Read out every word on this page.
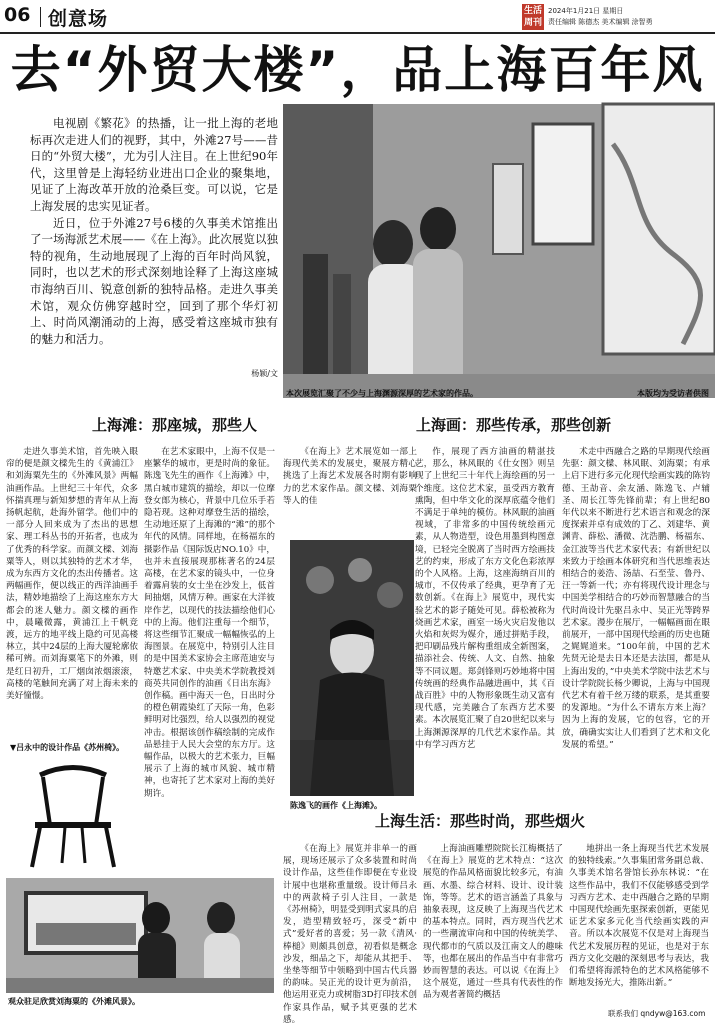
06 创意场	生活
周刊
2024年1月21日 星期日
责任编辑 陈德杰 美术编辑 涂智勇
去“外贸大楼”，品上海百年风

电视剧《繁花》的热播，让一批上海的老地标再次走进人们的视野，其中，外滩27号——昔日的“外贸大楼”，尤为引人注目。在上世纪90年代，这里曾是上海轻纺业进出口企业的聚集地，见证了上海改革开放的沧桑巨变。可以说，它是上海发展的忠实见证者。

近日，位于外滩27号6楼的久事美术馆推出了一场海派艺术展——《在上海》。此次展览以独特的视角，生动地展现了上海的百年时尚风貌，同时，也以艺术的形式深刻地诠释了上海这座城市海纳百川、锐意创新的独特品格。走进久事美术馆，观众仿佛穿越时空，回到了那个华灯初上、时尚风潮涌动的上海，感受着这座城市独有的魅力和活力。

杨颖/文
本次展览汇聚了不少与上海渊源深厚的艺术家的作品。	本版均为受访者供图
上海滩：那座城，那些人	上海画：那些传承，那些创新
上海生活：那些时尚，那些烟火

走进久事美术馆，首先映入眼帘的便是颜文樑先生的《黄浦江》和刘海粟先生的《外滩风景》两幅油画作品。上世纪三十年代，众多怀揣真理与新知梦想的青年从上海扬帆起航，赴海外留学。他们中的一部分人回来成为了杰出的思想家、理工科丛书的开拓者，也成为了优秀的科学家。而颜文樑、刘海粟等人，则以其独特的艺术才华，成为东西方文化的杰出传播者。这两幅画作，便以线正的西洋油画手法，精妙地描绘了上海这座东方大都会的迷人魅力。颜文樑的画作中，晨曦微露，黄浦江上千帆竞渡，远方的地平线上隐约可见高楼林立，其中24层的上海大厦轮廓依稀可辨。而刘海粟笔下的外滩，则是红日初升，工厂烟囱浓烟滚滚，高楼的笔触间充满了对上海未来的美好憧憬。

在艺术家眼中，上海不仅是一座繁华的城市，更是时尚的象征。陈逸飞先生的画作《上海滩》中，黑白城市建筑的描绘，却以一位摩登女郎为核心，背景中几位乐手若隐若现。这种对摩登生活的描绘，生动地还原了上海滩的“滩”的那个年代的风情。同样地，在杨福东的摄影作品《国际饭店NO.10》中，也并未直接展现那栋著名的24层高楼，在艺术家的镜头中，一位身着露肩装的女士坐在沙发上，低首间抽烟，风情万种。画家在大洋彼岸作艺，以现代的技法描绘他们心中的上海。他们注重每一个细节，将这些细节汇聚成一幅幅恢弘的上海图景。在展览中，特别引人注目的是中国美术家协会主席范迪安与特邀艺术家、中央美术学院教授刘商英共同创作的油画《日出东海》创作稿。画中海天一色，日出时分的橙色朝霞染红了天际一角，色彩鲜明对比强烈，给人以强烈的视觉冲击。根据该创作稿绘制的完成作品悬挂于人民大会堂的东方厅。这幅作品，以极大的艺术张力，巨幅展示了上海的城市风貌、城市精神，也寄托了艺术家对上海的美好期许。

《在海上》艺术展览如一部上海现代美术的发展史，聚展方精心挑选了上海艺术发展各时期有影响力的艺术家作品。颜文樑、刘海粟等人的佳

作，展现了西方油画的精湛技艺，那么，林风眠的《仕女图》则呈现了上世纪三十年代上海绘画的另一个维度。这位艺术家，虽受西方教育熏陶，但中华文化的深厚底蕴令他们不满足于单纯的模仿。林风眠的油画视域，了非常多的中国传统绘画元素，从人物造型，设色用墨到构图意境，已轻完全脱离了当时西方绘画技艺的约束，形成了东方文化色彩浓厚的个人风格。上海，这座海纳百川的城市，不仅传承了经典，更孕育了无数创新。《在海上》展览中，现代实验艺术的影子随处可见。薛松被称为烧画艺术家，画室一场火灾启发他以火焰和灰烬为媒介，通过拼贴手段，把印刷品残片解构重组成全新图案，描添社会、传统、人文、自然、抽象等不同议题。郑剑锋则巧妙地将中国传统画的经典作品融进画中，其《百战百胜》中的人物形象既生动又富有现代感，完美融合了东西方艺术要素。本次展览汇聚了自20世纪以来与上海渊源深厚的几代艺术家作品。其中有学习西方艺

术走中西融合之路的早期现代绘画先驱：颜文樑、林风眠、刘海粟；有承上启下进行多元化现代绘画实践的陈钧德、王劼音、余友涵、陈逸飞、卢辅圣、周长江等先锋前辈；有上世纪80年代以来不断进行艺术语言和观念的深度探索并卓有成效的丁乙、刘建华、黄渊青、薛松、潘微、沈浩鹏、杨福东、金江波等当代艺术家代表；有新世纪以来致力于绘画本体研究和当代思维表达相结合的姜浩、汤喆、石至莹、鲁丹、汪一等新一代；亦有将现代设计理念与中国美学相结合的巧妙而智慧融合的当代时尚设计先驱吕永中、吴正光等跨界艺术家。漫步在展厅，一幅幅画面在眼前展开，一部中国现代绘画的历史也随之娓娓道来。“100年前，中国的艺术先贤无论是去日本还是去法国，都是从上海出发的，”中央美术学院中法艺术与设计学院院长杨少卿说，上海与中国现代艺术有着千丝万缕的联系，是其重要的发源地。“为什么不请东方来上海？因为上海的发展，它的包容，它的开放，确确实实让人们看到了艺术和文化发展的希望。”

《在海上》展览并非单一的画展，现场还展示了众多装置和时尚设计作品，这些佳作即便在专业设计展中也堪称重量级。设计师吕永中的两款椅子引人注目，一款是《苏州椅》，明显受到明式家具的启发，造型精致轻巧，深受“新中式”爱好者的喜爱；另一款《清风·棒槌》则颇具创意，初看似是概念沙发，细品之下，却能从其把手、坐垫等细节中领略到中国古代兵器的韵味。吴正光的设计更为前沿，他运用亚克力或树脂3D打印技术创作家具作品，赋予其更强的艺术感。

上海油画雕塑院院长江梅概括了《在海上》展览的艺术特点：“这次展览的作品风格面貌比较多元，有油画、水墨、综合材料、设计、设计装饰，等等。艺术的语言涵盖了具象与抽象表现，这反映了上海现当代艺术的基本特点。同时，西方现当代艺术的一些潮流审向和中国的传统美学、现代都市的气质以及江南文人的趣味等，也都在展出的作品当中有非常巧妙而智慧的表达。可以说《在海上》这个展览，通过一些具有代表性的作品为观者著简约概括

地拼出一条上海现当代艺术发展的独特线索。”久事集团常务副总裁、久事美术馆名誉馆长孙东林说：“在这些作品中，我们不仅能够感受到学习西方艺术、走中西融合之路的早期中国现代绘画先驱探索创新，更能见证艺术家多元化当代绘画实践的声音。所以本次展览不仅是对上海现当代艺术发展历程的见证，也是对于东西方文化交融的深刻思考与表达，我们希望将海派特色的艺术风格能够不断地发扬光大，推陈出新。”

▼吕永中的设计作品《苏州椅》。
陈逸飞的画作《上海滩》。
观众驻足欣赏刘海粟的《外滩风景》。
联系我们 qndyw@163.com
